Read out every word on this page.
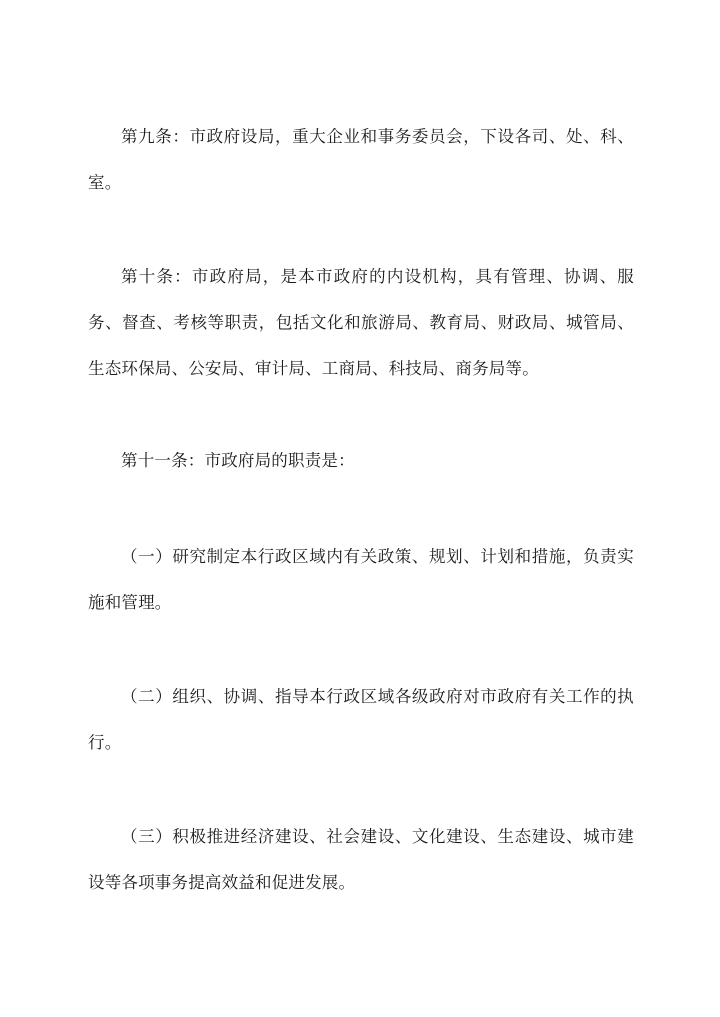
第九条：市政府设局，重大企业和事务委员会，下设各司、处、科、室。

第十条：市政府局，是本市政府的内设机构，具有管理、协调、服务、督查、考核等职责，包括文化和旅游局、教育局、财政局、城管局、生态环保局、公安局、审计局、工商局、科技局、商务局等。

第十一条：市政府局的职责是：

（一）研究制定本行政区域内有关政策、规划、计划和措施，负责实施和管理。

（二）组织、协调、指导本行政区域各级政府对市政府有关工作的执行。

（三）积极推进经济建设、社会建设、文化建设、生态建设、城市建设等各项事务提高效益和促进发展。
